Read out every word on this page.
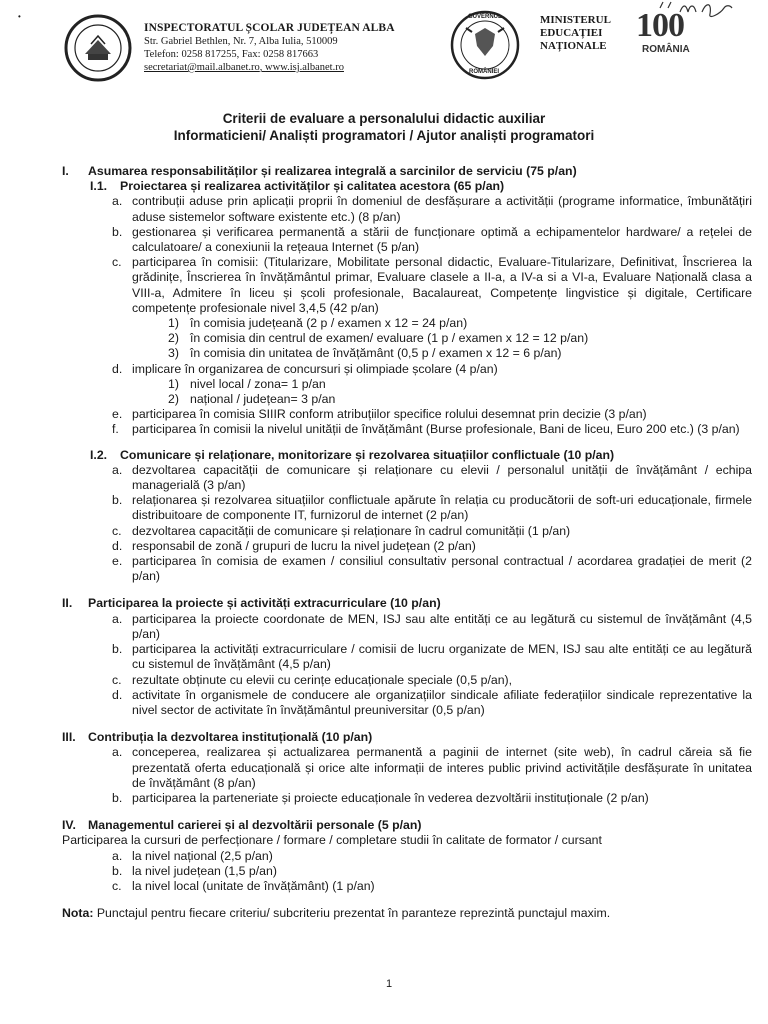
•
INSPECTORATUL ȘCOLAR JUDEȚEAN ALBA
Str. Gabriel Bethlen, Nr. 7, Alba Iulia, 510009
Telefon: 0258 817255, Fax: 0258 817663
secretariat@mail.albanet.ro, www.isj.albanet.ro
GUVERNUL
ROMÂNIEI
MINISTERUL
EDUCAȚIEI
NAȚIONALE
100
ROMÂNIA
Criterii de evaluare a personalului didactic auxiliar
Informaticieni/ Analiști programatori / Ajutor analiști programatori
I.	Asumarea responsabilităților și realizarea integrală a sarcinilor de serviciu (75 p/an)
I.1.	Proiectarea și realizarea activităților și calitatea acestora (65 p/an)
a. contribuții aduse prin aplicații proprii în domeniul de desfășurare a activității (programe informatice, îmbunătățiri aduse sistemelor software existente etc.) (8 p/an)
b. gestionarea și verificarea permanentă a stării de funcționare optimă a echipamentelor hardware/ a rețelei de calculatoare/ a conexiunii la rețeaua Internet (5 p/an)
c. participarea în comisii: (Titularizare, Mobilitate personal didactic, Evaluare-Titularizare, Definitivat, Înscrierea la grădinițe, Înscrierea în învățământul primar, Evaluare clasele a II-a, a IV-a si a VI-a, Evaluare Națională clasa a VIII-a, Admitere în liceu și școli profesionale, Bacalaureat, Competențe lingvistice și digitale, Certificare competențe profesionale nivel 3,4,5 (42 p/an)
1) în comisia județeană (2 p / examen x 12 = 24 p/an)
2) în comisia din centrul de examen/ evaluare (1 p / examen x 12 = 12 p/an)
3) în comisia din unitatea de învățământ (0,5 p / examen x 12 = 6 p/an)
d. implicare în organizarea de concursuri și olimpiade școlare (4 p/an)
1) nivel local / zona= 1 p/an
2) național / județean= 3 p/an
e. participarea în comisia SIIIR conform atribuțiilor specifice rolului desemnat prin decizie (3 p/an)
f.	participarea în comisii la nivelul unității de învățământ (Burse profesionale, Bani de liceu, Euro 200 etc.) (3 p/an)
I.2.	Comunicare și relaționare, monitorizare și rezolvarea situațiilor conflictuale (10 p/an)
a. dezvoltarea capacității de comunicare și relaționare cu elevii / personalul unității de învățământ / echipa managerială (3 p/an)
b. relaționarea și rezolvarea situațiilor conflictuale apărute în relația cu producătorii de soft-uri educaționale, firmele distribuitoare de componente IT, furnizorul de internet (2 p/an)
c. dezvoltarea capacității de comunicare și relaționare în cadrul comunității (1 p/an)
d. responsabil de zonă / grupuri de lucru la nivel județean (2 p/an)
e. participarea în comisia de examen / consiliul consultativ personal contractual / acordarea gradației de merit (2 p/an)
II.	Participarea la proiecte și activități extracurriculare (10 p/an)
a. participarea la proiecte coordonate de MEN, ISJ sau alte entități ce au legătură cu sistemul de învățământ (4,5 p/an)
b. participarea la activități extracurriculare / comisii de lucru organizate de MEN, ISJ sau alte entități ce au legătură cu sistemul de învățământ (4,5 p/an)
c. rezultate obținute cu elevii cu cerințe educaționale speciale (0,5 p/an),
d. activitate în organismele de conducere ale organizațiilor sindicale afiliate federațiilor sindicale reprezentative la nivel sector de activitate în învățământul preuniversitar (0,5 p/an)
III.	Contribuția la dezvoltarea instituțională (10 p/an)
a. conceperea, realizarea și actualizarea permanentă a paginii de internet (site web), în cadrul căreia să fie prezentată oferta educațională și orice alte informații de interes public privind activitățile desfășurate în unitatea de învățământ (8 p/an)
b. participarea la parteneriate și proiecte educaționale în vederea dezvoltării instituționale (2 p/an)
IV. Managementul carierei și al dezvoltării personale (5 p/an)
Participarea la cursuri de perfecționare / formare / completare studii în calitate de formator / cursant
a. la nivel național (2,5 p/an)
b. la nivel județean (1,5 p/an)
c. la nivel local (unitate de învățământ) (1 p/an)
Nota: Punctajul pentru fiecare criteriu/ subcriteriu prezentat în paranteze reprezintă punctajul maxim.
1
